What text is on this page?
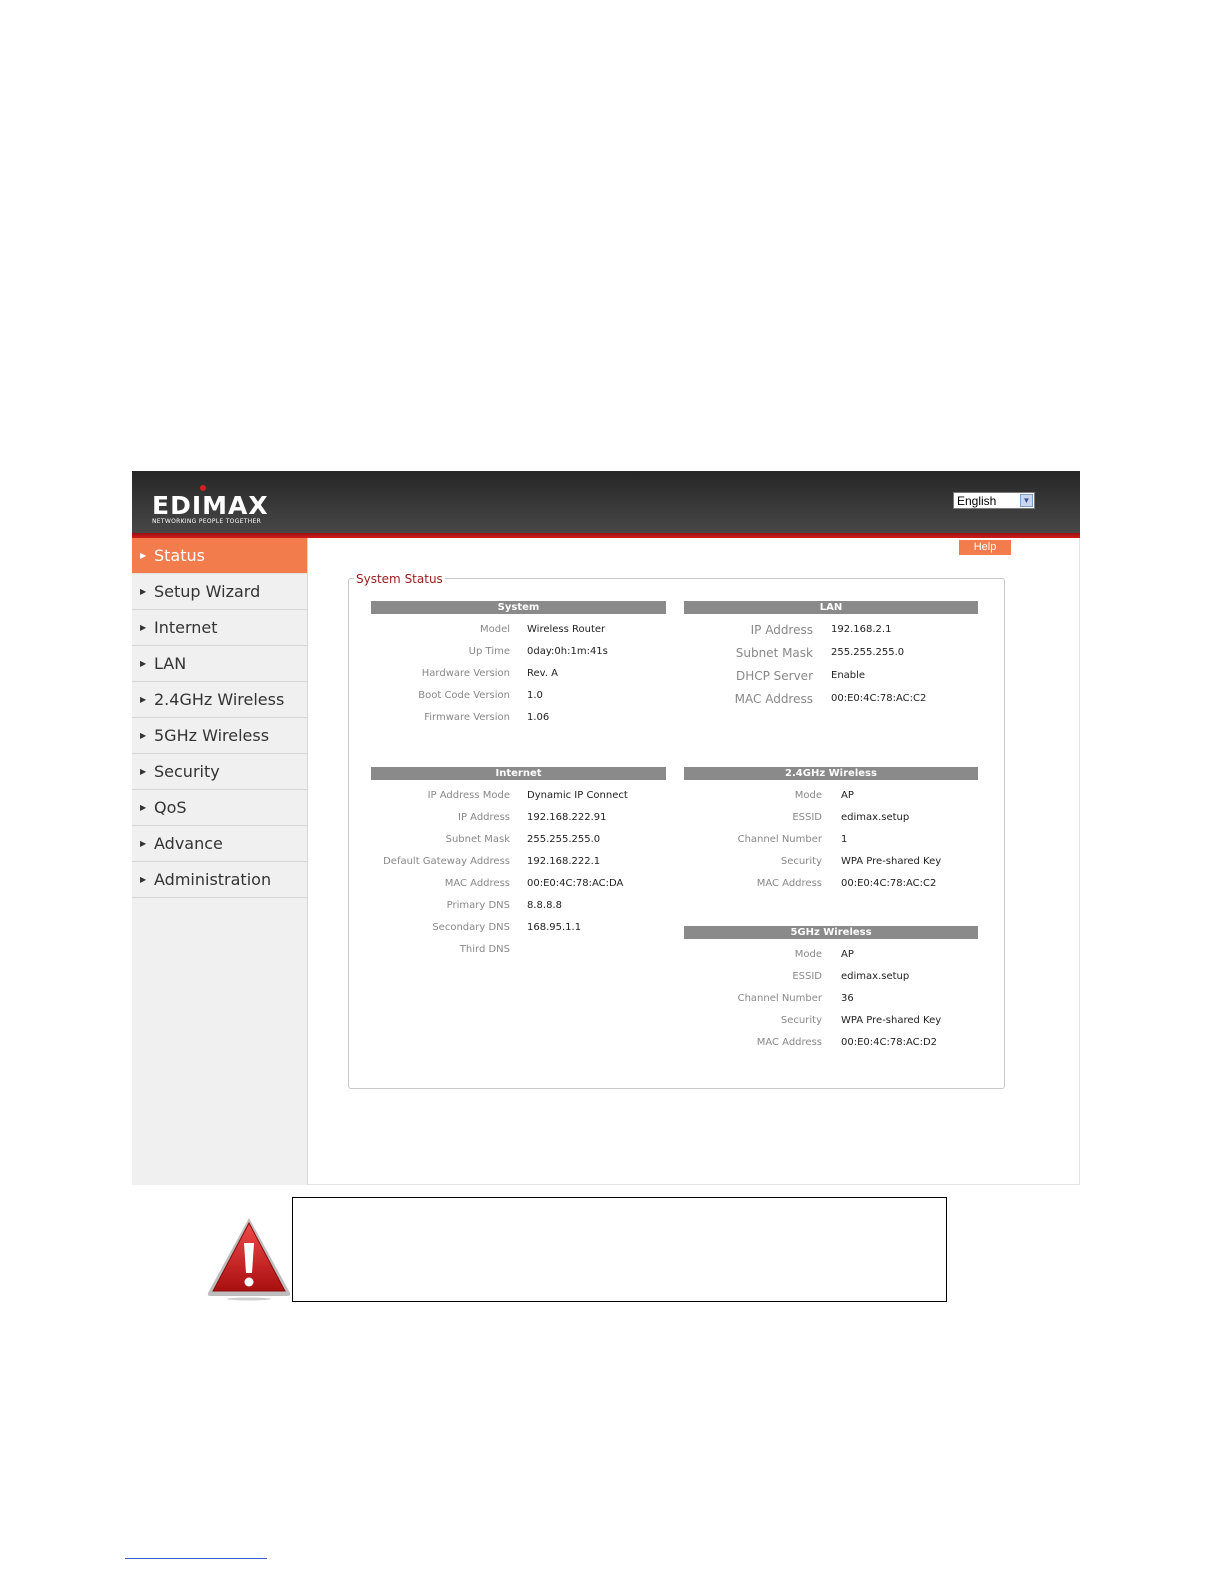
EDIMAX
NETWORKING PEOPLE TOGETHER
English	▼
▶ Status
▶ Setup Wizard
▶ Internet
▶ LAN
▶ 2.4GHz Wireless
▶ 5GHz Wireless
▶ Security
▶ QoS
▶ Advance
▶ Administration
Help
System Status
System
Model Wireless Router
Up Time 0day:0h:1m:41s
Hardware Version Rev. A
Boot Code Version 1.0
Firmware Version 1.06
LAN
IP Address 192.168.2.1
Subnet Mask 255.255.255.0
DHCP Server Enable
MAC Address 00:E0:4C:78:AC:C2
Internet
IP Address Mode Dynamic IP Connect
IP Address 192.168.222.91
Subnet Mask 255.255.255.0
Default Gateway Address 192.168.222.1
MAC Address 00:E0:4C:78:AC:DA
Primary DNS 8.8.8.8
Secondary DNS 168.95.1.1
Third DNS
2.4GHz Wireless
Mode AP
ESSID edimax.setup
Channel Number 1
Security WPA Pre-shared Key
MAC Address 00:E0:4C:78:AC:C2
5GHz Wireless
Mode AP
ESSID edimax.setup
Channel Number 36
Security WPA Pre-shared Key
MAC Address 00:E0:4C:78:AC:D2
